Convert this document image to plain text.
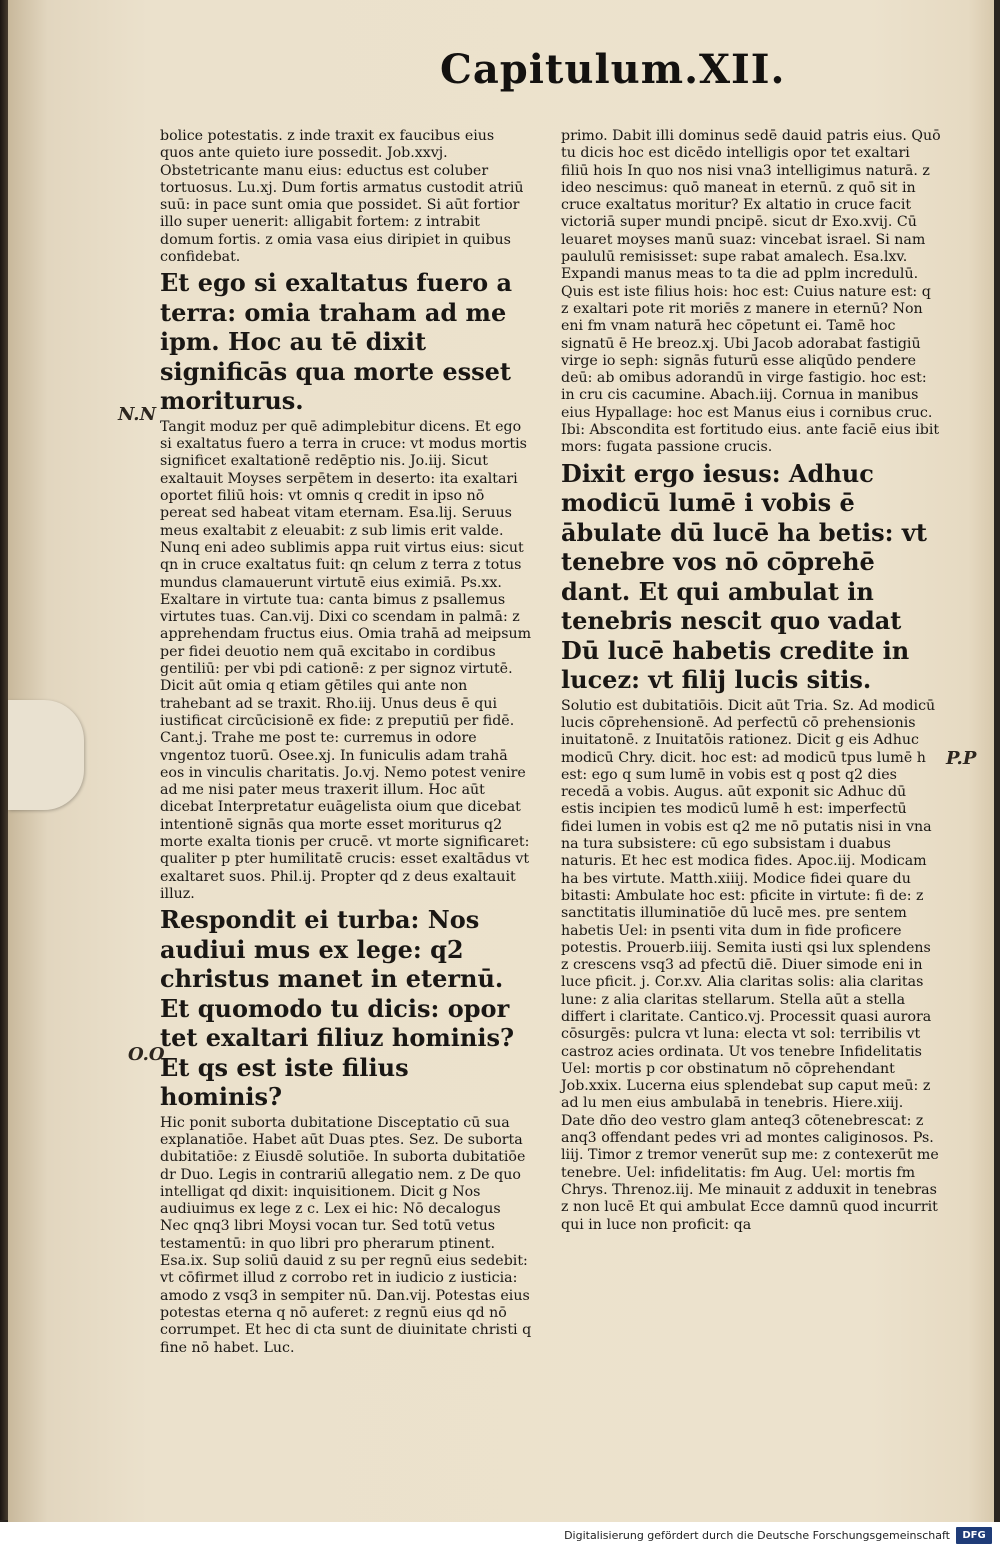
Capitulum.XII.

N.N

P.P

O.O

bolice potestatis. z inde traxit ex faucibus eius quos ante quieto iure possedit. Job.xxvj. Obstetricante manu eius: eductus est coluber tortuosus. Lu.xj. Dum fortis armatus custodit atriū suū: in pace sunt omia que possidet. Si aūt fortior illo super uenerit: alligabit fortem: z intrabit domum fortis. z omia vasa eius diripiet in quibus confidebat.

Et ego si exaltatus fuero a terra: omia traham ad me ipm. Hoc au tē dixit significās qua morte esset moriturus.

Tangit moduz per quē adimplebitur dicens. Et ego si exaltatus fuero a terra in cruce: vt modus mortis significet exaltationē redēptio nis. Jo.iij. Sicut exaltauit Moyses serpētem in deserto: ita exaltari oportet filiū hois: vt omnis q credit in ipso nō pereat sed habeat vitam eternam. Esa.lij. Seruus meus exaltabit z eleuabit: z sub limis erit valde. Nunq eni adeo sublimis appa ruit virtus eius: sicut qn in cruce exaltatus fuit: qn celum z terra z totus mundus clamauerunt virtutē eius eximiā. Ps.xx. Exaltare in virtute tua: canta bimus z psallemus virtutes tuas. Can.vij. Dixi co scendam in palmā: z apprehendam fructus eius. Omia trahā ad meipsum per fidei deuotio nem quā excitabo in cordibus gentiliū: per vbi pdi cationē: z per signoz virtutē. Dicit aūt omia q etiam gētiles qui ante non trahebant ad se traxit. Rho.iij. Unus deus ē qui iustificat circūcisionē ex fide: z preputiū per fidē. Cant.j. Trahe me post te: curremus in odore vngentoz tuorū. Osee.xj. In funiculis adam trahā eos in vinculis charitatis. Jo.vj. Nemo potest venire ad me nisi pater meus traxerit illum. Hoc aūt dicebat Interpretatur euāgelista oium que dicebat intentionē signās qua morte esset moriturus q2 morte exalta tionis per crucē. vt morte significaret: qualiter p pter humilitatē crucis: esset exaltādus vt exaltaret suos. Phil.ij. Propter qd z deus exaltauit illuz.

Respondit ei turba: Nos audiui mus ex lege: q2 christus manet in eternū. Et quomodo tu dicis: opor tet exaltari filiuz hominis? Et qs est iste filius hominis?

Hic ponit suborta dubitatione Disceptatio cū sua explanatiōe. Habet aūt Duas ptes. Sez. De suborta dubitatiōe: z Eiusdē solutiōe. In suborta dubitatiōe dr Duo. Legis in contrariū allegatio nem. z De quo intelligat qd dixit: inquisitionem. Dicit g Nos audiuimus ex lege z c. Lex ei hic: Nō decalogus Nec qnq3 libri Moysi vocan tur. Sed totū vetus testamentū: in quo libri pro pherarum ptinent. Esa.ix. Sup soliū dauid z su per regnū eius sedebit: vt cōfirmet illud z corrobo ret in iudicio z iusticia: amodo z vsq3 in sempiter nū. Dan.vij. Potestas eius potestas eterna q nō auferet: z regnū eius qd nō corrumpet. Et hec di cta sunt de diuinitate christi q fine nō habet. Luc.

primo. Dabit illi dominus sedē dauid patris eius. Quō tu dicis hoc est dicēdo intelligis opor tet exaltari filiū hois In quo nos nisi vna3 intelligimus naturā. z ideo nescimus: quō maneat in eternū. z quō sit in cruce exaltatus moritur? Ex altatio in cruce facit victoriā super mundi pncipē. sicut dr Exo.xvij. Cū leuaret moyses manū suaz: vincebat israel. Si nam paululū remisisset: supe rabat amalech. Esa.lxv. Expandi manus meas to ta die ad pplm incredulū. Quis est iste filius hois: hoc est: Cuius nature est: q z exaltari pote rit moriēs z manere in eternū? Non eni fm vnam naturā hec cōpetunt ei. Tamē hoc signatū ē He breoz.xj. Ubi Jacob adorabat fastigiū virge io seph: signās futurū esse aliqūdo pendere deū: ab omibus adorandū in virge fastigio. hoc est: in cru cis cacumine. Abach.iij. Cornua in manibus eius Hypallage: hoc est Manus eius i cornibus cruc. Ibi: Abscondita est fortitudo eius. ante faciē eius ibit mors: fugata passione crucis.

Dixit ergo iesus: Adhuc modicū lumē i vobis ē ābulate dū lucē ha betis: vt tenebre vos nō cōprehē dant. Et qui ambulat in tenebris nescit quo vadat Dū lucē habetis credite in lucez: vt filij lucis sitis.

Solutio est dubitatiōis. Dicit aūt Tria. Sz. Ad modicū lucis cōprehensionē. Ad perfectū cō prehensionis inuitatonē. z Inuitatōis rationez. Dicit g eis Adhuc modicū Chry. dicit. hoc est: ad modicū tpus lumē h est: ego q sum lumē in vobis est q post q2 dies recedā a vobis. Augus. aūt exponit sic Adhuc dū estis incipien tes modicū lumē h est: imperfectū fidei lumen in vobis est q2 me nō putatis nisi in vna na tura subsistere: cū ego subsistam i duabus naturis. Et hec est modica fides. Apoc.iij. Modicam ha bes virtute. Matth.xiiij. Modice fidei quare du bitasti: Ambulate hoc est: pficite in virtute: fi de: z sanctitatis illuminatiōe dū lucē mes. pre sentem habetis Uel: in psenti vita dum in fide proficere potestis. Prouerb.iiij. Semita iusti qsi lux splendens z crescens vsq3 ad pfectū diē. Diuer simode eni in luce pficit. j. Cor.xv. Alia claritas solis: alia claritas lune: z alia claritas stellarum. Stella aūt a stella differt i claritate. Cantico.vj. Processit quasi aurora cōsurgēs: pulcra vt luna: electa vt sol: terribilis vt castroz acies ordinata. Ut vos tenebre Infidelitatis Uel: mortis p cor obstinatum nō cōprehendant Job.xxix. Lucerna eius splendebat sup caput meū: z ad lu men eius ambulabā in tenebris. Hiere.xiij. Date dño deo vestro glam anteq3 cōtenebrescat: z anq3 offendant pedes vri ad montes caliginosos. Ps. liij. Timor z tremor venerūt sup me: z contexerūt me tenebre. Uel: infidelitatis: fm Aug. Uel: mortis fm Chrys. Threnoz.iij. Me minauit z adduxit in tenebras z non lucē Et qui ambulat Ecce damnū quod incurrit qui in luce non proficit: qa

Digitalisierung gefördert durch die Deutsche Forschungsgemeinschaft	DFG
